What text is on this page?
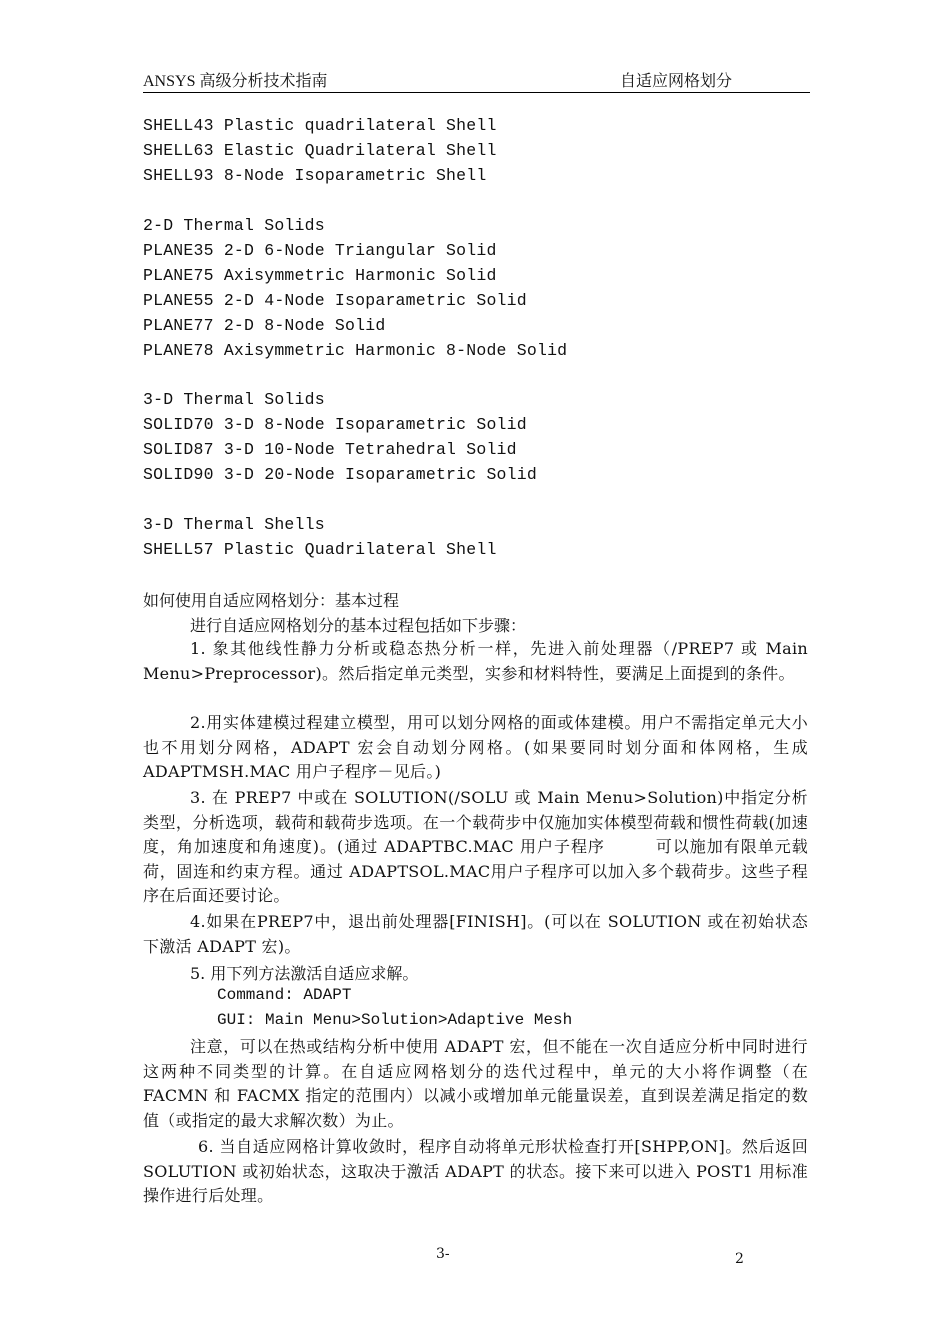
ANSYS 高级分析技术指南	自适应网格划分
SHELL43 Plastic quadrilateral Shell
SHELL63 Elastic Quadrilateral Shell
SHELL93 8-Node Isoparametric Shell
2-D Thermal Solids
PLANE35 2-D 6-Node Triangular Solid
PLANE75 Axisymmetric Harmonic Solid
PLANE55 2-D 4-Node Isoparametric Solid
PLANE77 2-D 8-Node Solid
PLANE78 Axisymmetric Harmonic 8-Node Solid
3-D Thermal Solids
SOLID70 3-D 8-Node Isoparametric Solid
SOLID87 3-D 10-Node Tetrahedral Solid
SOLID90 3-D 20-Node Isoparametric Solid
3-D Thermal Shells
SHELL57 Plastic Quadrilateral Shell
如何使用自适应网格划分：基本过程
进行自适应网格划分的基本过程包括如下步骤：
1. 象其他线性静力分析或稳态热分析一样，先进入前处理器（/PREP7 或 Main Menu>Preprocessor)。然后指定单元类型，实参和材料特性，要满足上面提到的条件。
2.用实体建模过程建立模型，用可以划分网格的面或体建模。用户不需指定单元大小也不用划分网格，ADAPT 宏会自动划分网格。(如果要同时划分面和体网格，生成 ADAPTMSH.MAC 用户子程序－见后。)
3. 在 PREP7 中或在 SOLUTION(/SOLU 或 Main Menu>Solution)中指定分析类型，分析选项，载荷和载荷步选项。在一个载荷步中仅施加实体模型荷载和惯性荷载(加速度，角加速度和角速度)。(通过 ADAPTBC.MAC 用户子程序　　　可以施加有限单元载荷，固连和约束方程。通过 ADAPTSOL.MAC用户子程序可以加入多个载荷步。这些子程序在后面还要讨论。
4.如果在PREP7中，退出前处理器[FINISH]。(可以在 SOLUTION 或在初始状态下激活 ADAPT 宏)。
5. 用下列方法激活自适应求解。
Command: ADAPT
GUI: Main Menu>Solution>Adaptive Mesh
注意，可以在热或结构分析中使用 ADAPT 宏，但不能在一次自适应分析中同时进行这两种不同类型的计算。在自适应网格划分的迭代过程中，单元的大小将作调整（在 FACMN 和 FACMX 指定的范围内）以减小或增加单元能量误差，直到误差满足指定的数值（或指定的最大求解次数）为止。
6. 当自适应网格计算收敛时，程序自动将单元形状检查打开[SHPP,ON]。然后返回 SOLUTION 或初始状态，这取决于激活 ADAPT 的状态。接下来可以进入 POST1 用标准操作进行后处理。
3-	2
